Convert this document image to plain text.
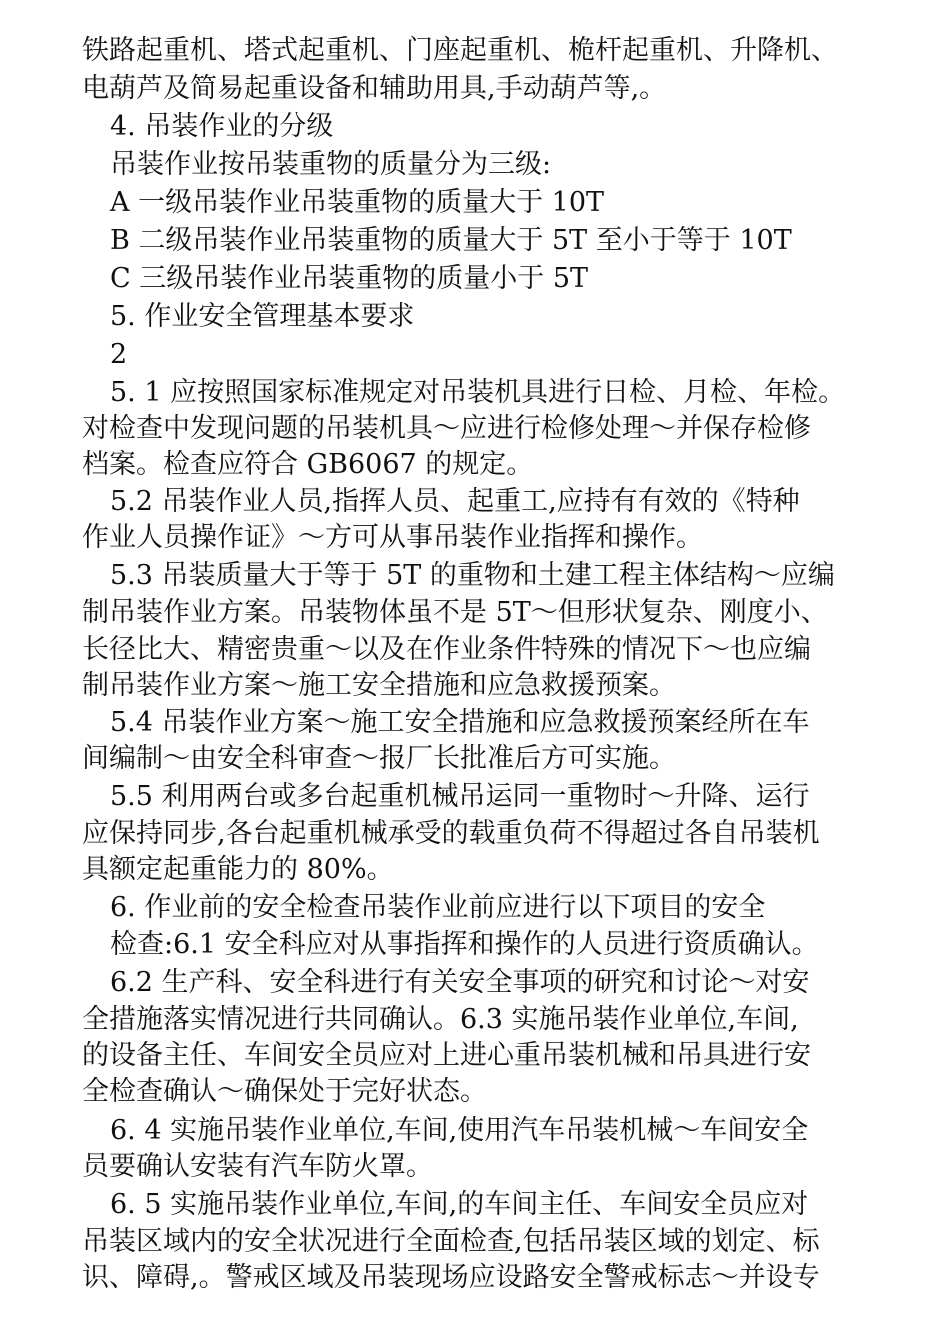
铁路起重机、塔式起重机、门座起重机、桅杆起重机、升降机、
电葫芦及简易起重设备和辅助用具,手动葫芦等,。
4. 吊装作业的分级
吊装作业按吊装重物的质量分为三级:
A 一级吊装作业吊装重物的质量大于 10T
B 二级吊装作业吊装重物的质量大于 5T 至小于等于 10T
C 三级吊装作业吊装重物的质量小于 5T
5. 作业安全管理基本要求
2
5. 1 应按照国家标准规定对吊装机具进行日检、月检、年检。
对检查中发现问题的吊装机具〜应进行检修处理〜并保存检修
档案。检查应符合 GB6067 的规定。
5.2 吊装作业人员,指挥人员、起重工,应持有有效的《特种
作业人员操作证》〜方可从事吊装作业指挥和操作。
5.3 吊装质量大于等于 5T 的重物和土建工程主体结构〜应编
制吊装作业方案。吊装物体虽不是 5T〜但形状复杂、刚度小、
长径比大、精密贵重〜以及在作业条件特殊的情况下〜也应编
制吊装作业方案〜施工安全措施和应急救援预案。
5.4 吊装作业方案〜施工安全措施和应急救援预案经所在车
间编制〜由安全科审查〜报厂长批准后方可实施。
5.5 利用两台或多台起重机械吊运同一重物时〜升降、运行
应保持同步,各台起重机械承受的载重负荷不得超过各自吊装机
具额定起重能力的 80%。
6. 作业前的安全检查吊装作业前应进行以下项目的安全
检查:6.1 安全科应对从事指挥和操作的人员进行资质确认。
6.2 生产科、安全科进行有关安全事项的研究和讨论〜对安
全措施落实情况进行共同确认。6.3 实施吊装作业单位,车间,
的设备主任、车间安全员应对上进心重吊装机械和吊具进行安
全检查确认〜确保处于完好状态。
6. 4 实施吊装作业单位,车间,使用汽车吊装机械〜车间安全
员要确认安装有汽车防火罩。
6. 5 实施吊装作业单位,车间,的车间主任、车间安全员应对
吊装区域内的安全状况进行全面检查,包括吊装区域的划定、标
识、障碍,。警戒区域及吊装现场应设路安全警戒标志〜并设专
